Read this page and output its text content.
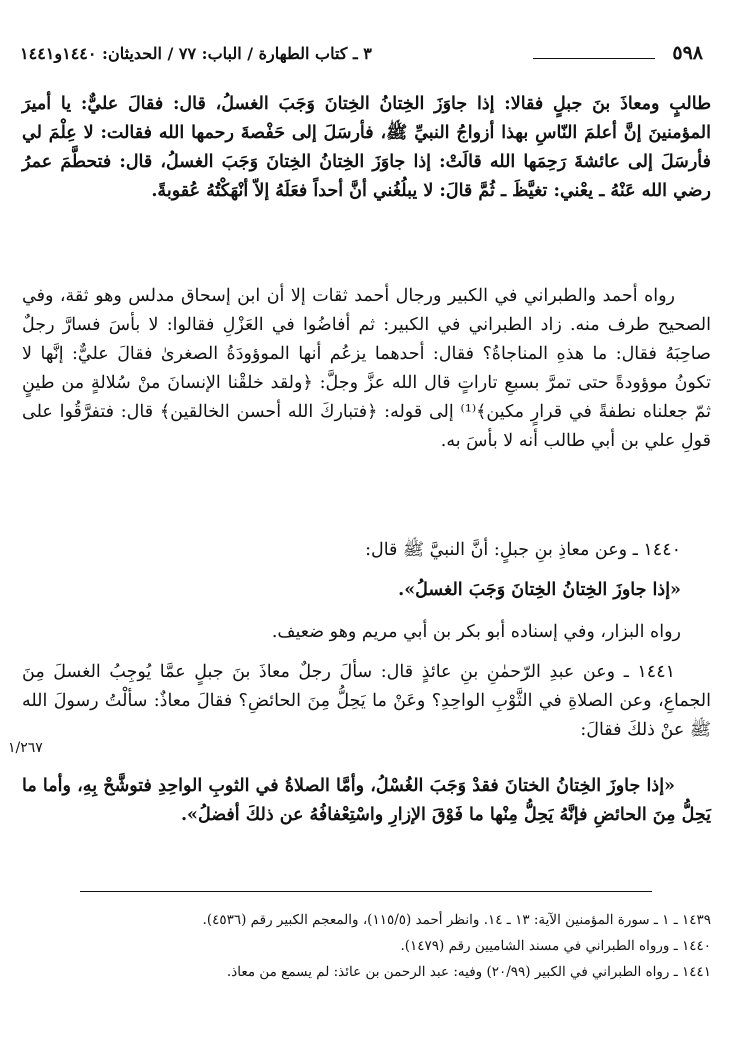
٥٩٨
٣ ـ كتاب الطهارة / الباب: ٧٧ / الحديثان: ١٤٤٠و١٤٤١

طالبٍ ومعاذَ بنَ جبلٍ فقالا: إذا جاوَزَ الخِتانُ الخِتانَ وَجَبَ الغسلُ، قال: فقالَ عليٌّ: يا أميرَ المؤمنينَ إنَّ أعلمَ النّاسِ بهذا أزواجُ النبيِّ ﷺ، فأرسَلَ إلى حَفْصةَ رحمها الله فقالت: لا عِلْمَ لي فأرسَلَ إلى عائشةَ رَحِمَها الله قالَتْ: إذا جاوَزَ الخِتانُ الخِتانَ وَجَبَ الغسلُ، قال: فتحطَّمَ عمرُ رضي الله عَنْهُ ـ يعْني: تغيَّظَ ـ ثُمَّ قالَ: لا يبلُغُني أنَّ أحداً فعَلَهُ إلاّ أنْهَكْتُهُ عُقوبةً.

رواه أحمد والطبراني في الكبير ورجال أحمد ثقات إلا أن ابن إسحاق مدلس وهو ثقة، وفي الصحيح طرف منه. زاد الطبراني في الكبير: ثم أفاضُوا في العَزْلِ فقالوا: لا بأسَ فسارَّ رجلٌ صاحِبَهُ فقال: ما هذهِ المناجاةُ؟ فقال: أحدهما يزعُم أنها الموؤودَةُ الصغرىٰ فقالَ عليٌّ: إنَّها لا تكونُ موؤودةً حتى تمرَّ بسبعِ تاراتٍ قال الله عزَّ وجلَّ: ﴿ولقد خلقْنا الإنسانَ منْ سُلالةٍ من طينٍ ثمّ جعلناه نطفةً في قرارٍ مكين﴾⁽¹⁾ إلى قوله: ﴿فتباركَ الله أحسن الخالقين﴾ قال: فتفرَّقُوا على قولِ علي بن أبي طالب أنه لا بأسَ به.

١٤٤٠ ـ وعن معاذِ بنِ جبلٍ: أنَّ النبيَّ ﷺ قال:

«إذا جاوزَ الخِتانُ الخِتانَ وَجَبَ الغسلُ».

رواه البزار، وفي إسناده أبو بكر بن أبي مريم وهو ضعيف.

١٤٤١ ـ وعن عبدِ الرّحمٰنِ بنِ عائذٍ قال: سألَ رجلٌ معاذَ بنَ جبلٍ عمَّا يُوجِبُ الغسلَ مِنَ الجماعِ، وعن الصلاةِ في الثَّوْبِ الواحِدِ؟ وعَنْ ما يَحِلُّ مِنَ الحائضِ؟ فقالَ معاذٌ: سألْتُ رسولَ الله ﷺ عنْ ذلكَ فقالَ:

«إذا جاوزَ الخِتانُ الختانَ فقدْ وَجَبَ الغُسْلُ، وأمَّا الصلاةُ في الثوبِ الواحِدِ فتوشَّحْ بِهِ، وأما ما يَحِلُّ مِنَ الحائضِ فإنَّهُ يَحِلُّ مِنْها ما فَوْقَ الإزارِ واسْتِعْفافُهُ عن ذلكَ أفضلُ».

١/٢٦٧

١٤٣٩ ـ ١ ـ سورة المؤمنين الآية: ١٣ ـ ١٤. وانظر أحمد (١١٥/٥)، والمعجم الكبير رقم (٤٥٣٦).

١٤٤٠ ـ ورواه الطبراني في مسند الشاميين رقم (١٤٧٩).

١٤٤١ ـ رواه الطبراني في الكبير (٢٠/٩٩) وفيه: عبد الرحمن بن عائذ: لم يسمع من معاذ.
